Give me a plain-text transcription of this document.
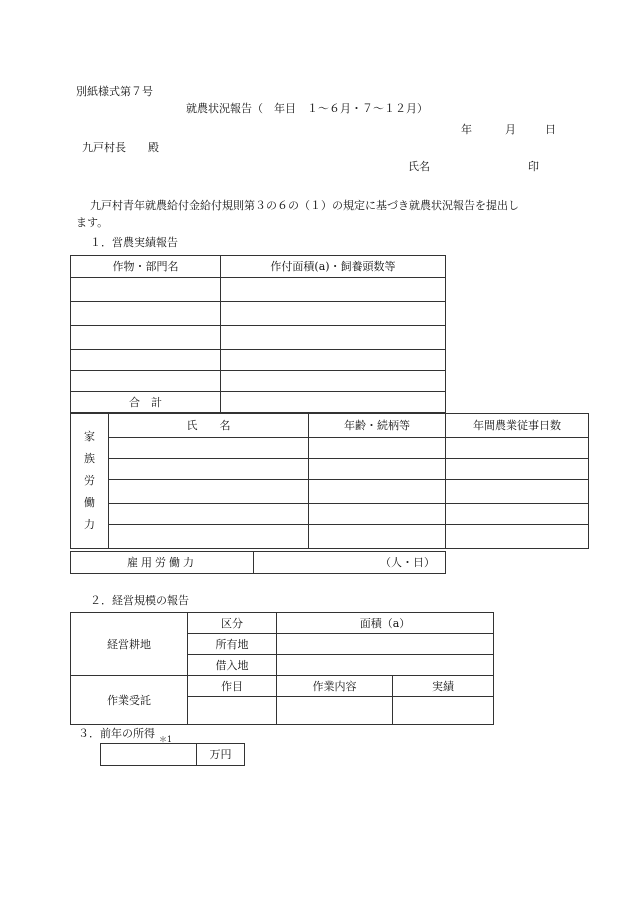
別紙様式第７号
就農状況報告（　年目　１～６月・７～１２月）
年	月	日
九戸村長　　殿
氏名	印
九戸村青年就農給付金給付規則第３の６の（１）の規定に基づき就農状況報告を提出し
ます。
１．営農実績報告
作物・部門名	作付面積(a)・飼養頭数等

合　計	
家
族
労
働
力	氏　　名	年齢・続柄等	年間農業従事日数

雇用労働力	（人・日）
２．経営規模の報告
経営耕地	区分	面積（a）
	所有地	
	借入地	
作業受託	作目	作業内容 実績

３．前年の所得 $_{*1}$
	万円
